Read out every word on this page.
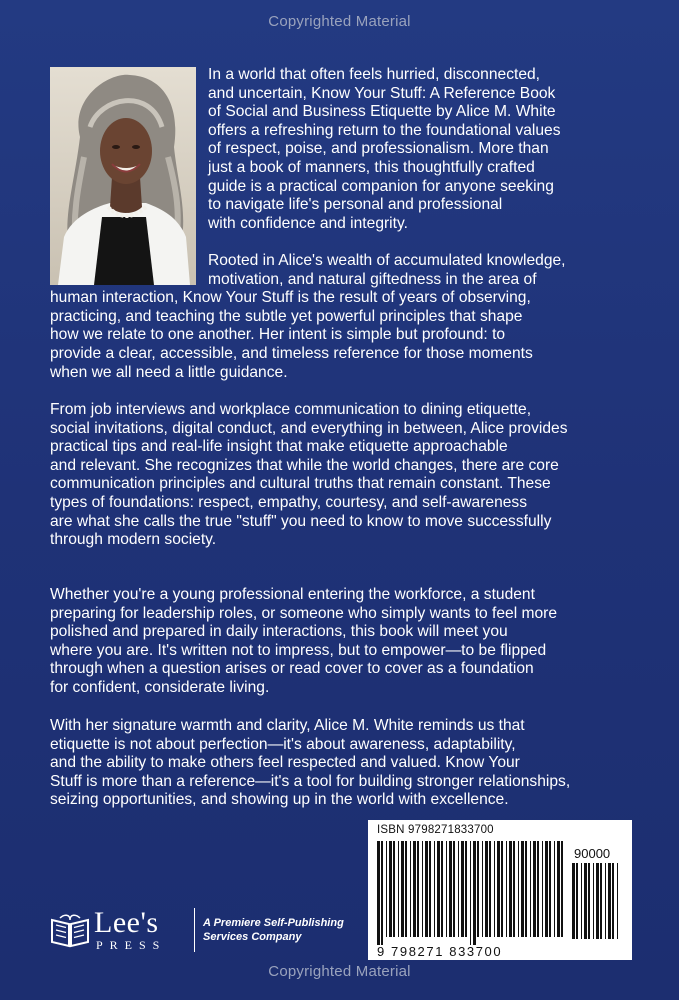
Copyrighted Material

In a world that often feels hurried, disconnected,
and uncertain, Know Your Stuff: A Reference Book
of Social and Business Etiquette by Alice M. White
offers a refreshing return to the foundational values
of respect, poise, and professionalism. More than
just a book of manners, this thoughtfully crafted
guide is a practical companion for anyone seeking
to navigate life's personal and professional
with confidence and integrity.

Rooted in Alice's wealth of accumulated knowledge,
motivation, and natural giftedness in the area of
human interaction, Know Your Stuff is the result of years of observing,
practicing, and teaching the subtle yet powerful principles that shape
how we relate to one another. Her intent is simple but profound: to
provide a clear, accessible, and timeless reference for those moments
when we all need a little guidance.

From job interviews and workplace communication to dining etiquette,
social invitations, digital conduct, and everything in between, Alice provides
practical tips and real-life insight that make etiquette approachable
and relevant. She recognizes that while the world changes, there are core
communication principles and cultural truths that remain constant. These
types of foundations: respect, empathy, courtesy, and self-awareness
are what she calls the true "stuff" you need to know to move successfully
through modern society.

Whether you're a young professional entering the workforce, a student
preparing for leadership roles, or someone who simply wants to feel more
polished and prepared in daily interactions, this book will meet you
where you are. It's written not to impress, but to empower—to be flipped
through when a question arises or read cover to cover as a foundation
for confident, considerate living.

With her signature warmth and clarity, Alice M. White reminds us that
etiquette is not about perfection—it's about awareness, adaptability,
and the ability to make others feel respected and valued. Know Your
Stuff is more than a reference—it's a tool for building stronger relationships,
seizing opportunities, and showing up in the world with excellence.

ISBN 9798271833700
90000
9 798271 833700
Lee's
PRESS
A Premiere Self-Publishing
Services Company
Copyrighted Material
